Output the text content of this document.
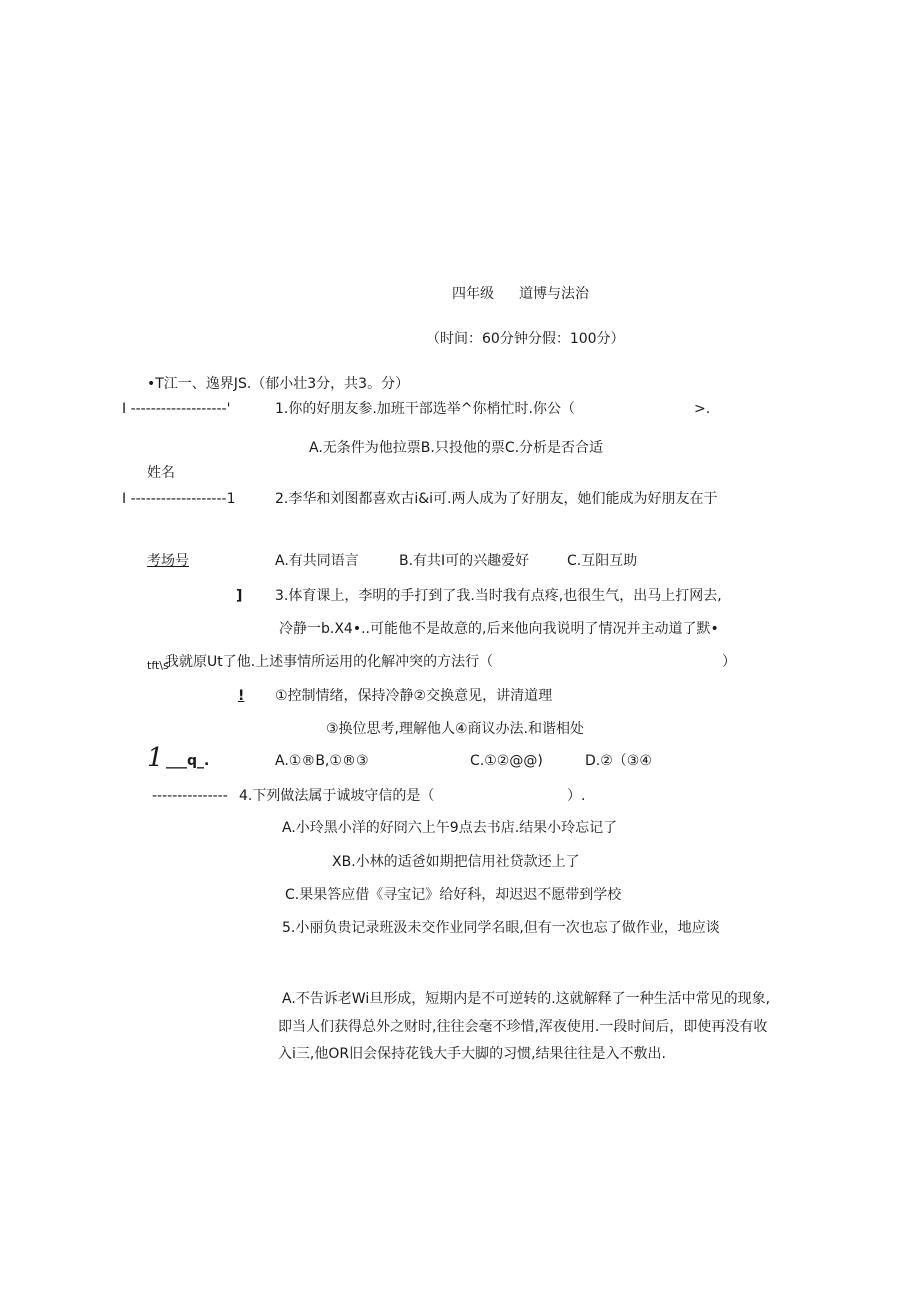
四年级 道博与法治
（时间：60分钟分假：100分）
•T江一、逸界JS.（郁小壮3分，共3。分）
I -------------------'
姓名
I -------------------1
考场号
]
tft\s
!
1 ___q_.
---------------
1.你的好朋友参.加班干部选举^你梢忙时.你公（	>.
A.无条件为他拉票B.只投他的票C.分析是否合适
2.李华和刘图都喜欢古i&i可.两人成为了好朋友，她们能成为好朋友在于
A.有共同语言	B.有共I可的兴趣爱好	C.互阳互助
3.体育课上，李明的手打到了我.当时我有点疼,也很生气，出马上打网去,
冷静一b.X4•..可能他不是故意的,后来他向我说明了情况并主动道了默•
我就原Ut了他.上述事情所运用的化解冲突的方法行（	）
①控制情绪，保持冷静②交换意见，讲清道理
③换位思考,理解他人④商议办法.和谐相处
A.①®B,①®③	C.①②@@)	D.②（③④
4.下列做法属于诚坡守信的是（	）.
A.小玲黑小洋的好冏六上午9点去书店.结果小玲忘记了
XB.小林的适爸如期把信用社贷款还上了
C.果果答应借《寻宝记》给好科，却迟迟不愿带到学校
5.小丽负贵记录班汲未交作业同学名眼,但有一次也忘了做作业，地应谈
A.不告诉老Wi旦形成，短期内是不可逆转的.这就解释了一种生活中常见的现象,
即当人们获得总外之财时,往往会毫不珍惜,浑夜使用.一段时间后，即使再没有收
入i三,他OR旧会保持花钱大手大脚的习惯,结果往往是入不敷出.
